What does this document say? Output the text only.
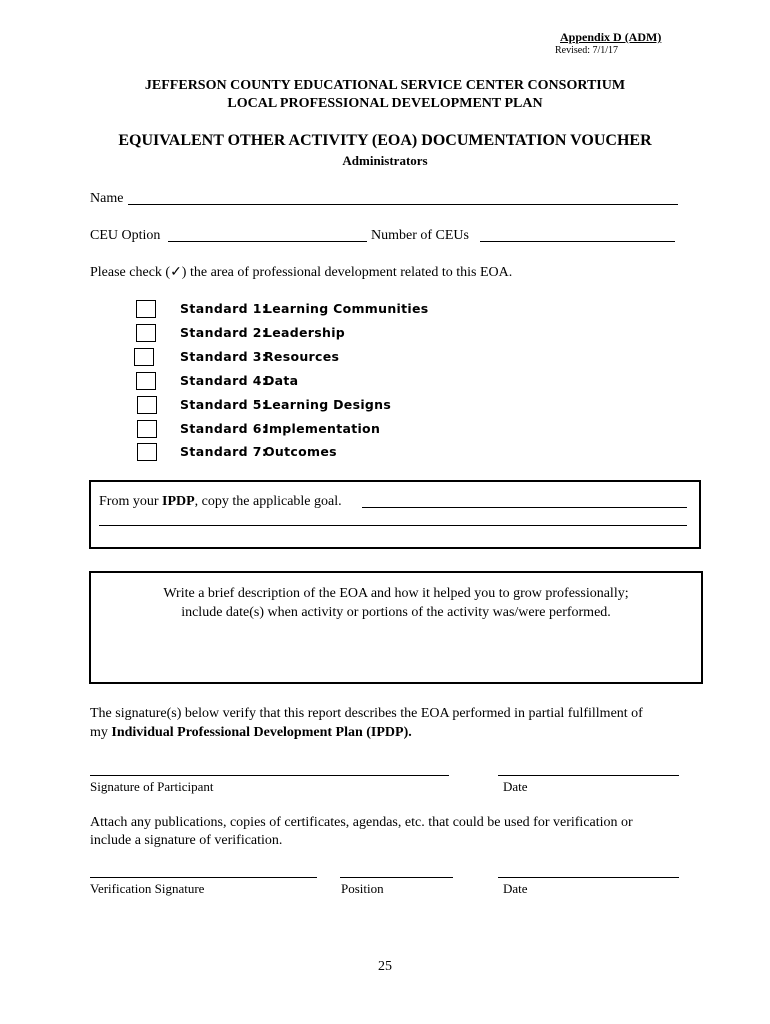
Appendix D (ADM)
Revised: 7/1/17
JEFFERSON COUNTY EDUCATIONAL SERVICE CENTER CONSORTIUM
LOCAL PROFESSIONAL DEVELOPMENT PLAN
EQUIVALENT OTHER ACTIVITY (EOA) DOCUMENTATION VOUCHER
Administrators
Name
CEU Option	Number of CEUs
Please check (✓) the area of professional development related to this EOA.
Standard 1:
Learning Communities
Standard 2:
Leadership
Standard 3:
Resources
Standard 4:
Data
Standard 5:
Learning Designs
Standard 6:
Implementation
Standard 7:
Outcomes
From your IPDP, copy the applicable goal.
Write a brief description of the EOA and how it helped you to grow professionally;
include date(s) when activity or portions of the activity was/were performed.
The signature(s) below verify that this report describes the EOA performed in partial fulfillment of
my Individual Professional Development Plan (IPDP).
Signature of Participant	Date
Attach any publications, copies of certificates, agendas, etc. that could be used for verification or
include a signature of verification.
Verification Signature	Position	Date
25
